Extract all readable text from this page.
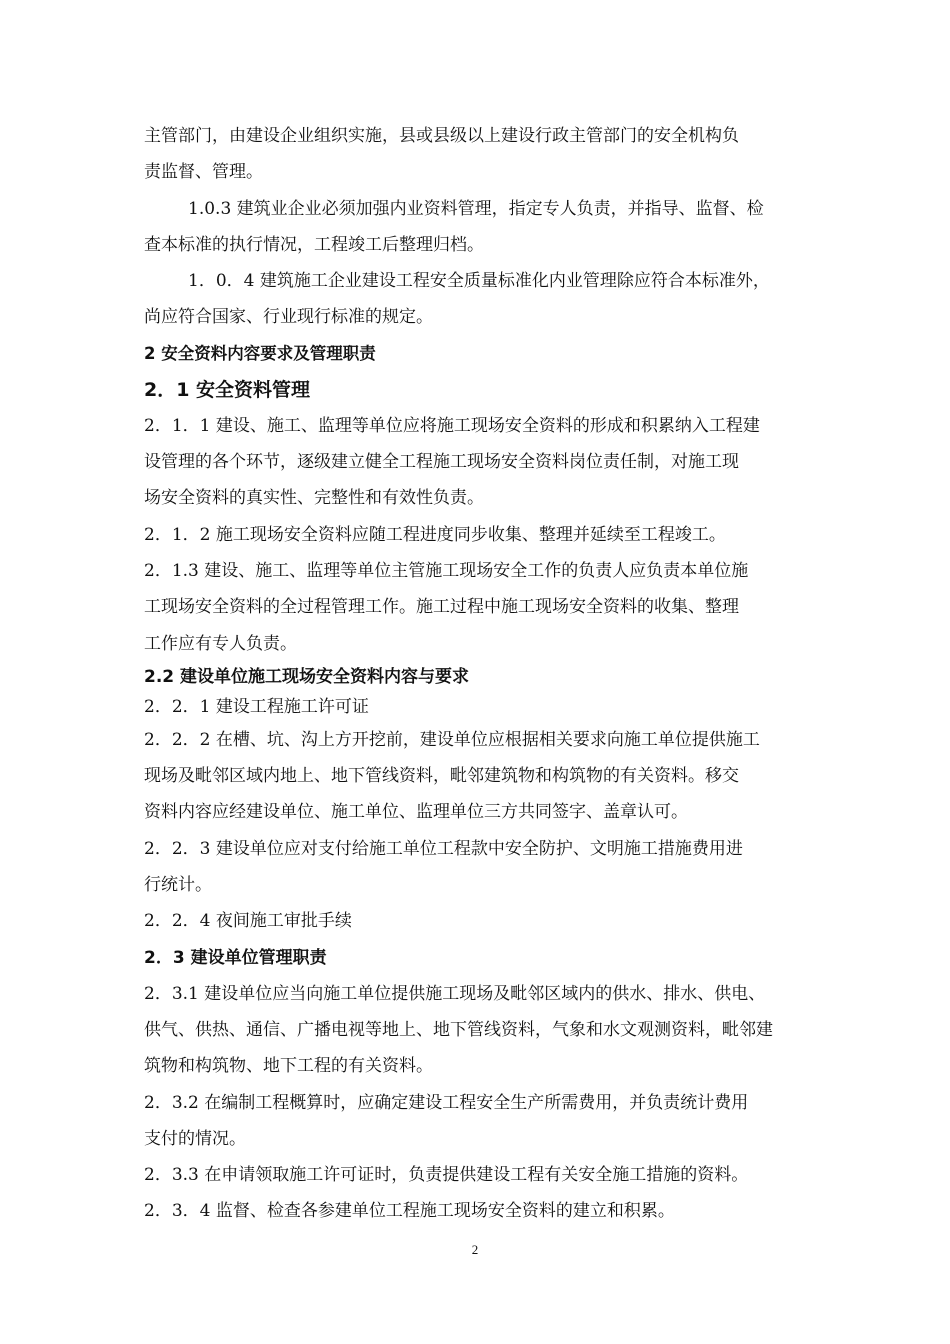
主管部门，由建设企业组织实施，县或县级以上建设行政主管部门的安全机构负

责监督、管理。

1.0.3 建筑业企业必须加强内业资料管理，指定专人负责，并指导、监督、检

查本标准的执行情况，工程竣工后整理归档。

1．0．4 建筑施工企业建设工程安全质量标准化内业管理除应符合本标准外，

尚应符合国家、行业现行标准的规定。

2 安全资料内容要求及管理职责

2．1 安全资料管理

2．1．1 建设、施工、监理等单位应将施工现场安全资料的形成和积累纳入工程建

设管理的各个环节，逐级建立健全工程施工现场安全资料岗位责任制，对施工现

场安全资料的真实性、完整性和有效性负责。

2．1．2 施工现场安全资料应随工程进度同步收集、整理并延续至工程竣工。

2．1.3 建设、施工、监理等单位主管施工现场安全工作的负责人应负责本单位施

工现场安全资料的全过程管理工作。施工过程中施工现场安全资料的收集、整理

工作应有专人负责。

2.2 建设单位施工现场安全资料内容与要求

2．2．1 建设工程施工许可证

2．2．2 在槽、坑、沟上方开挖前，建设单位应根据相关要求向施工单位提供施工

现场及毗邻区域内地上、地下管线资料，毗邻建筑物和构筑物的有关资料。移交

资料内容应经建设单位、施工单位、监理单位三方共同签字、盖章认可。

2．2．3 建设单位应对支付给施工单位工程款中安全防护、文明施工措施费用进

行统计。

2．2．4 夜间施工审批手续

2．3 建设单位管理职责

2．3.1 建设单位应当向施工单位提供施工现场及毗邻区域内的供水、排水、供电、

供气、供热、通信、广播电视等地上、地下管线资料，气象和水文观测资料，毗邻建

筑物和构筑物、地下工程的有关资料。

2．3.2 在编制工程概算时，应确定建设工程安全生产所需费用，并负责统计费用

支付的情况。

2．3.3 在申请领取施工许可证时，负责提供建设工程有关安全施工措施的资料。

2．3．4 监督、检查各参建单位工程施工现场安全资料的建立和积累。

2
